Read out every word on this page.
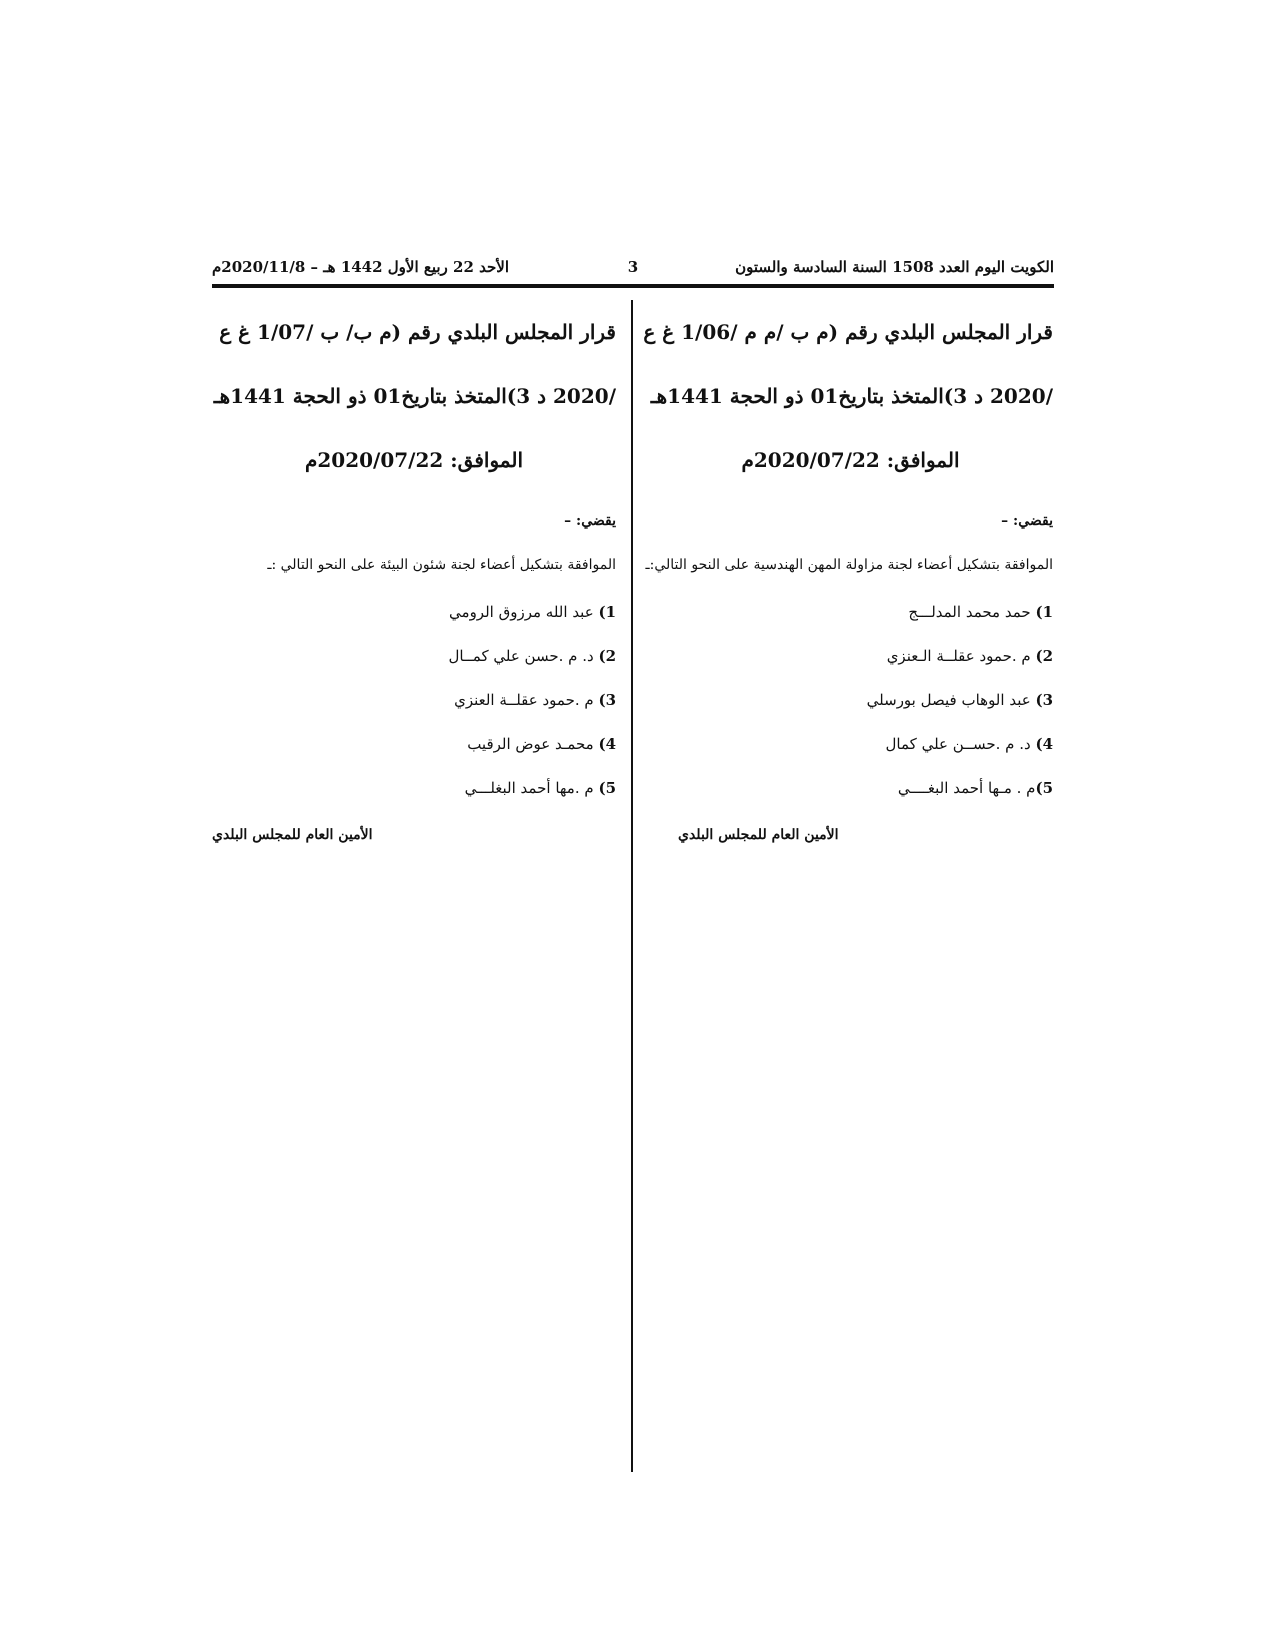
الكويت اليوم العدد 1508 السنة السادسة والستون
3
الأحد 22 ربيع الأول 1442 هـ – 2020/11/8م

قرار المجلس البلدي رقم (م ب /م م /1/06 غ ع

/2020 د 3)المتخذ بتاريخ01 ذو الحجة 1441هـ

الموافق: 2020/07/22م

يقضي: –

الموافقة بتشكيل أعضاء لجنة مزاولة المهن الهندسية على النحو التالي:ـ

1) حمد محمد المدلـــج
2) م .حمود عقلــة الـعنزي
3) عبد الوهاب فيصل بورسلي
4) د. م .حســن علي كمال
5)م . مـها أحمد البغــــي

الأمين العام للمجلس البلدي

قرار المجلس البلدي رقم (م ب/ ب /1/07 غ ع

/2020 د 3)المتخذ بتاريخ01 ذو الحجة 1441هـ

الموافق: 2020/07/22م

يقضي: –

الموافقة بتشكيل أعضاء لجنة شئون البيئة على النحو التالي :ـ

1) عبد الله مرزوق الرومي
2) د. م .حسن علي كمــال
3) م .حمود عقلــة العنزي
4) محمـد عوض الرقيب
5) م .مها أحمد البغلـــي

الأمين العام للمجلس البلدي
